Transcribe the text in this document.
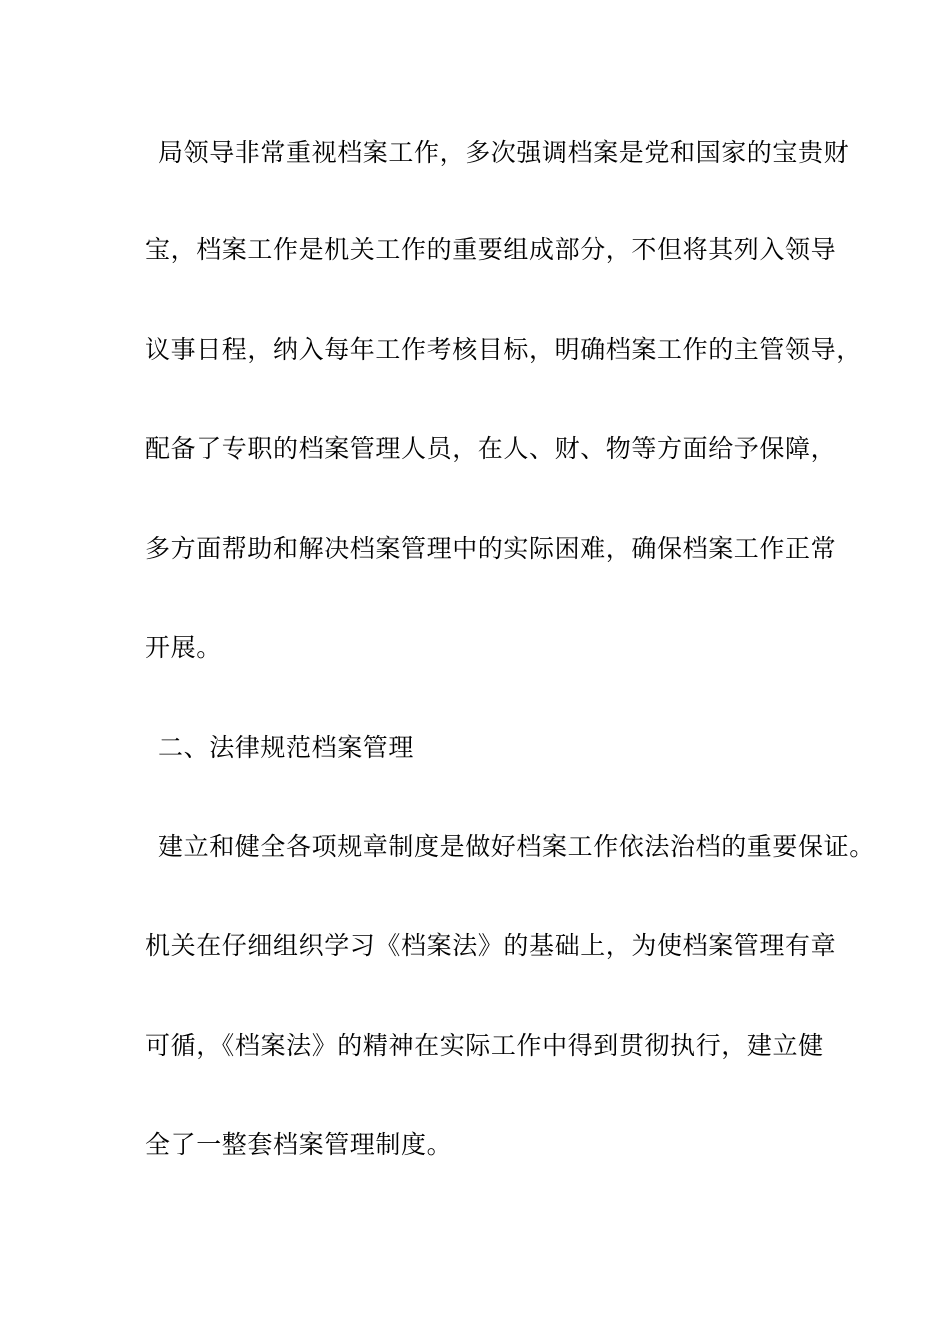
局领导非常重视档案工作，多次强调档案是党和国家的宝贵财
宝，档案工作是机关工作的重要组成部分，不但将其列入领导
议事日程，纳入每年工作考核目标，明确档案工作的主管领导，
配备了专职的档案管理人员，在人、财、物等方面给予保障，
多方面帮助和解决档案管理中的实际困难，确保档案工作正常
开展。
二、法律规范档案管理
建立和健全各项规章制度是做好档案工作依法治档的重要保证。
机关在仔细组织学习《档案法》的基础上，为使档案管理有章
可循，《档案法》的精神在实际工作中得到贯彻执行，建立健
全了一整套档案管理制度。
